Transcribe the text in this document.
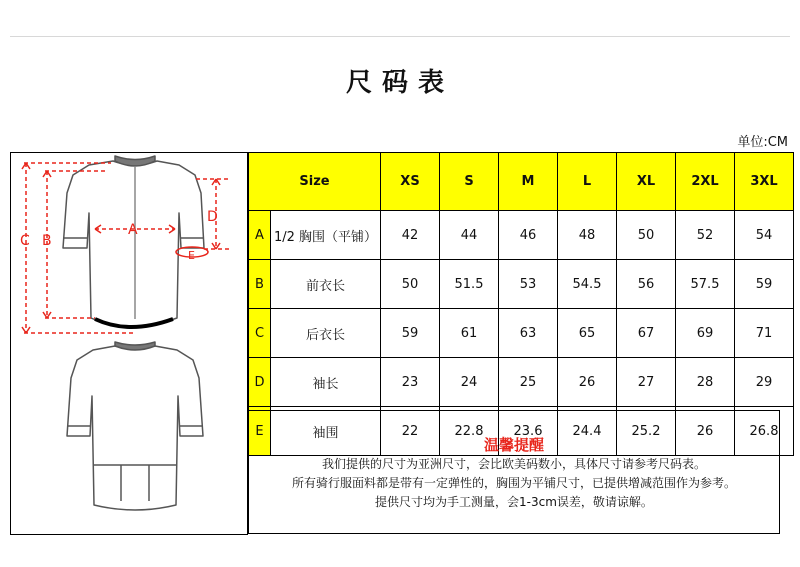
尺码表
单位:CM
A
B
C
D
E
Size		XS	S	M	L	XL	2XL	3XL
A	1/2 胸围（平铺）	42	44	46	48	50	52	54
B	前衣长	50	51.5	53	54.5	56	57.5	59
C	后衣长	59	61	63	65	67	69	71
D	袖长	23	24	25	26	27	28	29
E	袖围	22	22.8	23.6	24.4	25.2	26	26.8
温馨提醒
我们提供的尺寸为亚洲尺寸，会比欧美码数小，具体尺寸请参考尺码表。
所有骑行服面料都是带有一定弹性的，胸围为平铺尺寸，已提供增减范围作为参考。
提供尺寸均为手工测量，会1-3cm误差，敬请谅解。
